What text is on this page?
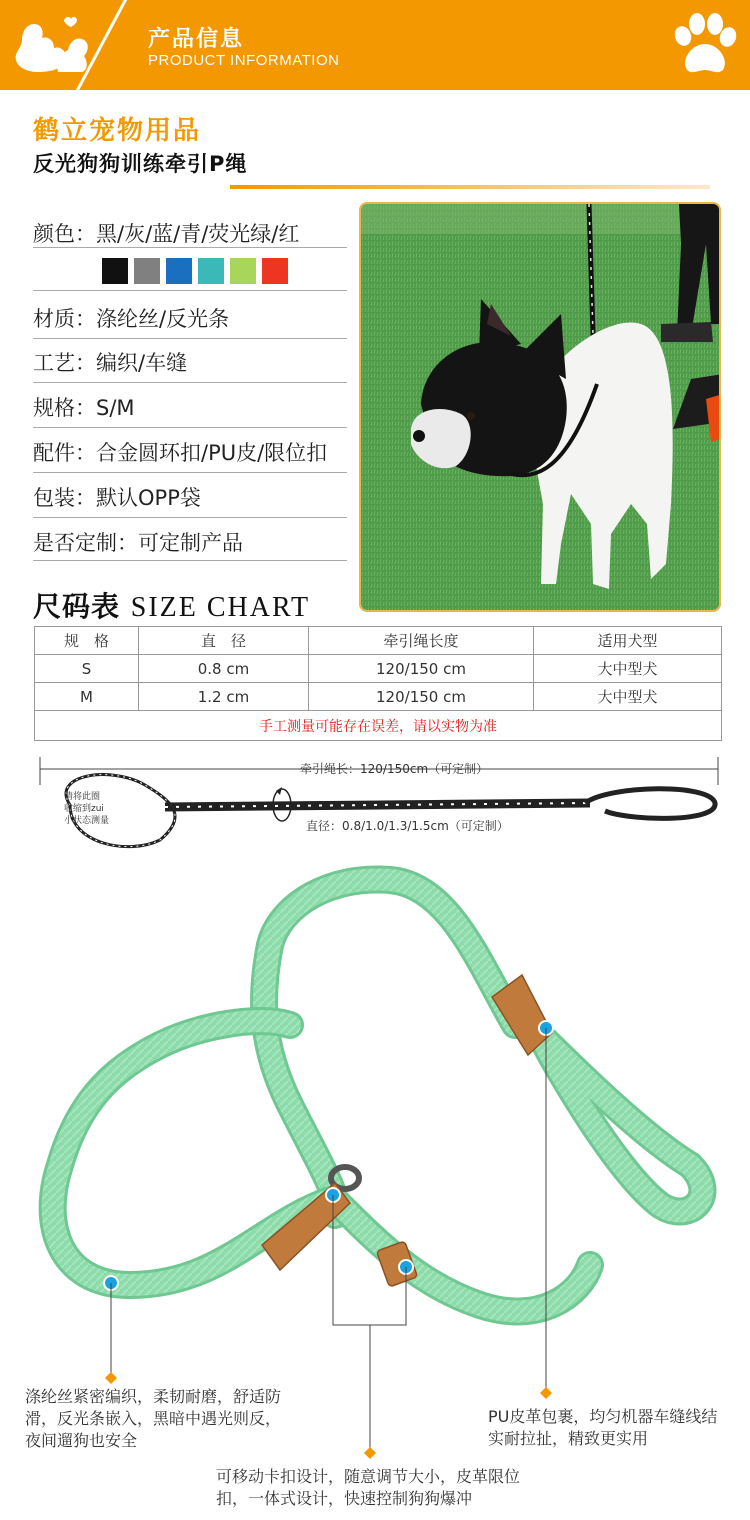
产品信息
PRODUCT INFORMATION
鹤立宠物用品
反光狗狗训练牵引P绳
颜色：黑/灰/蓝/青/荧光绿/红
材质：涤纶丝/反光条
工艺：编织/车缝
规格：S/M
配件：合金圆环扣/PU皮/限位扣
包装：默认OPP袋
是否定制：可定制产品
尺码表 SIZE CHART
规　格	直　径	牵引绳长度	适用犬型
S	0.8 cm	120/150 cm	大中型犬
M	1.2 cm	120/150 cm	大中型犬
手工测量可能存在误差，请以实物为准			
牵引绳长：120/150cm（可定制）
请将此圈
收缩到zui
小状态测量	直径：0.8/1.0/1.3/1.5cm（可定制）
涤纶丝紧密编织，柔韧耐磨，舒适防滑，反光条嵌入，黑暗中遇光则反，夜间遛狗也安全
PU皮革包裹，均匀机器车缝线结实耐拉扯，精致更实用
可移动卡扣设计，随意调节大小，皮革限位扣，一体式设计，快速控制狗狗爆冲
